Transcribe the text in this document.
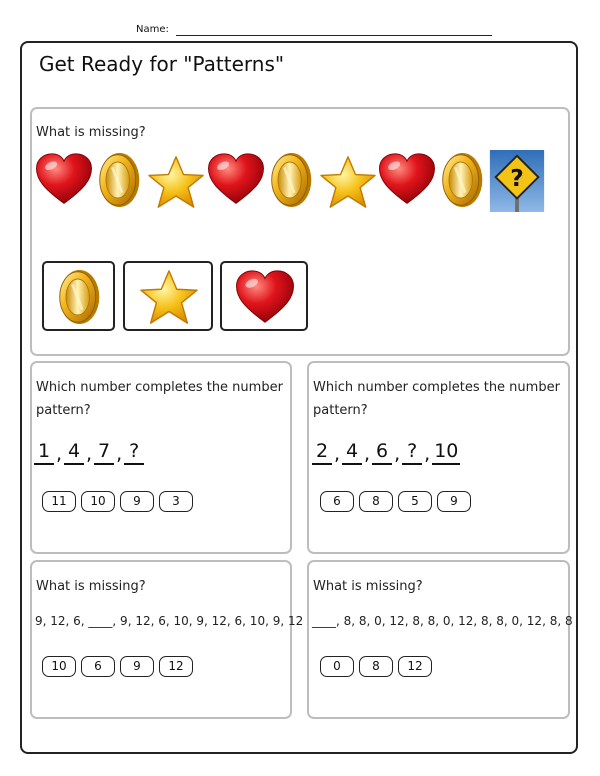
Name:
Get Ready for "Patterns"
What is missing?
Which number completes the number pattern?
1 , 4 , 7 , ?
11	10	9	3
Which number completes the number pattern?
2 , 4 , 6 , ? , 10
6	8	5	9
What is missing?
9, 12, 6, ____, 9, 12, 6, 10, 9, 12, 6, 10, 9, 12
10	6	9	12
What is missing?
____, 8, 8, 0, 12, 8, 8, 0, 12, 8, 8, 0, 12, 8, 8
0	8	12
